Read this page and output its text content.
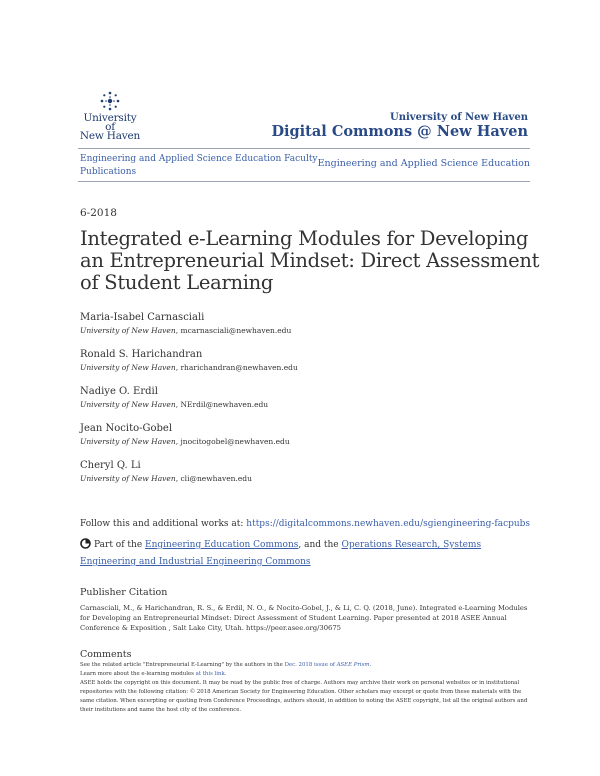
University of
New Haven
University of New Haven
Digital Commons @ New Haven
Engineering and Applied Science Education Faculty Publications
Engineering and Applied Science Education
6-2018
Integrated e-Learning Modules for Developing an Entrepreneurial Mindset: Direct Assessment of Student Learning
Maria-Isabel Carnasciali
University of New Haven, mcarnasciali@newhaven.edu
Ronald S. Harichandran
University of New Haven, rharichandran@newhaven.edu
Nadiye O. Erdil
University of New Haven, NErdil@newhaven.edu
Jean Nocito-Gobel
University of New Haven, jnocitogobel@newhaven.edu
Cheryl Q. Li
University of New Haven, cli@newhaven.edu
Follow this and additional works at: https://digitalcommons.newhaven.edu/sgiengineering-facpubs
Part of the Engineering Education Commons, and the Operations Research, Systems Engineering and Industrial Engineering Commons
Publisher Citation
Carnasciali, M., & Harichandran, R. S., & Erdil, N. O., & Nocito-Gobel, J., & Li, C. Q. (2018, June). Integrated e-Learning Modules for Developing an Entrepreneurial Mindset: Direct Assessment of Student Learning. Paper presented at 2018 ASEE Annual Conference & Exposition , Salt Lake City, Utah. https://peer.asee.org/30675
Comments
See the related article "Entrepreneurial E-Learning" by the authors in the Dec. 2018 issue of ASEE Prism.
Learn more about the e-learning modules at this link.
ASEE holds the copyright on this document. It may be read by the public free of charge. Authors may archive their work on personal websites or in institutional repositories with the following citation: © 2018 American Society for Engineering Education. Other scholars may excerpt or quote from these materials with the same citation. When excerpting or quoting from Conference Proceedings, authors should, in addition to noting the ASEE copyright, list all the original authors and their institutions and name the host city of the conference.
